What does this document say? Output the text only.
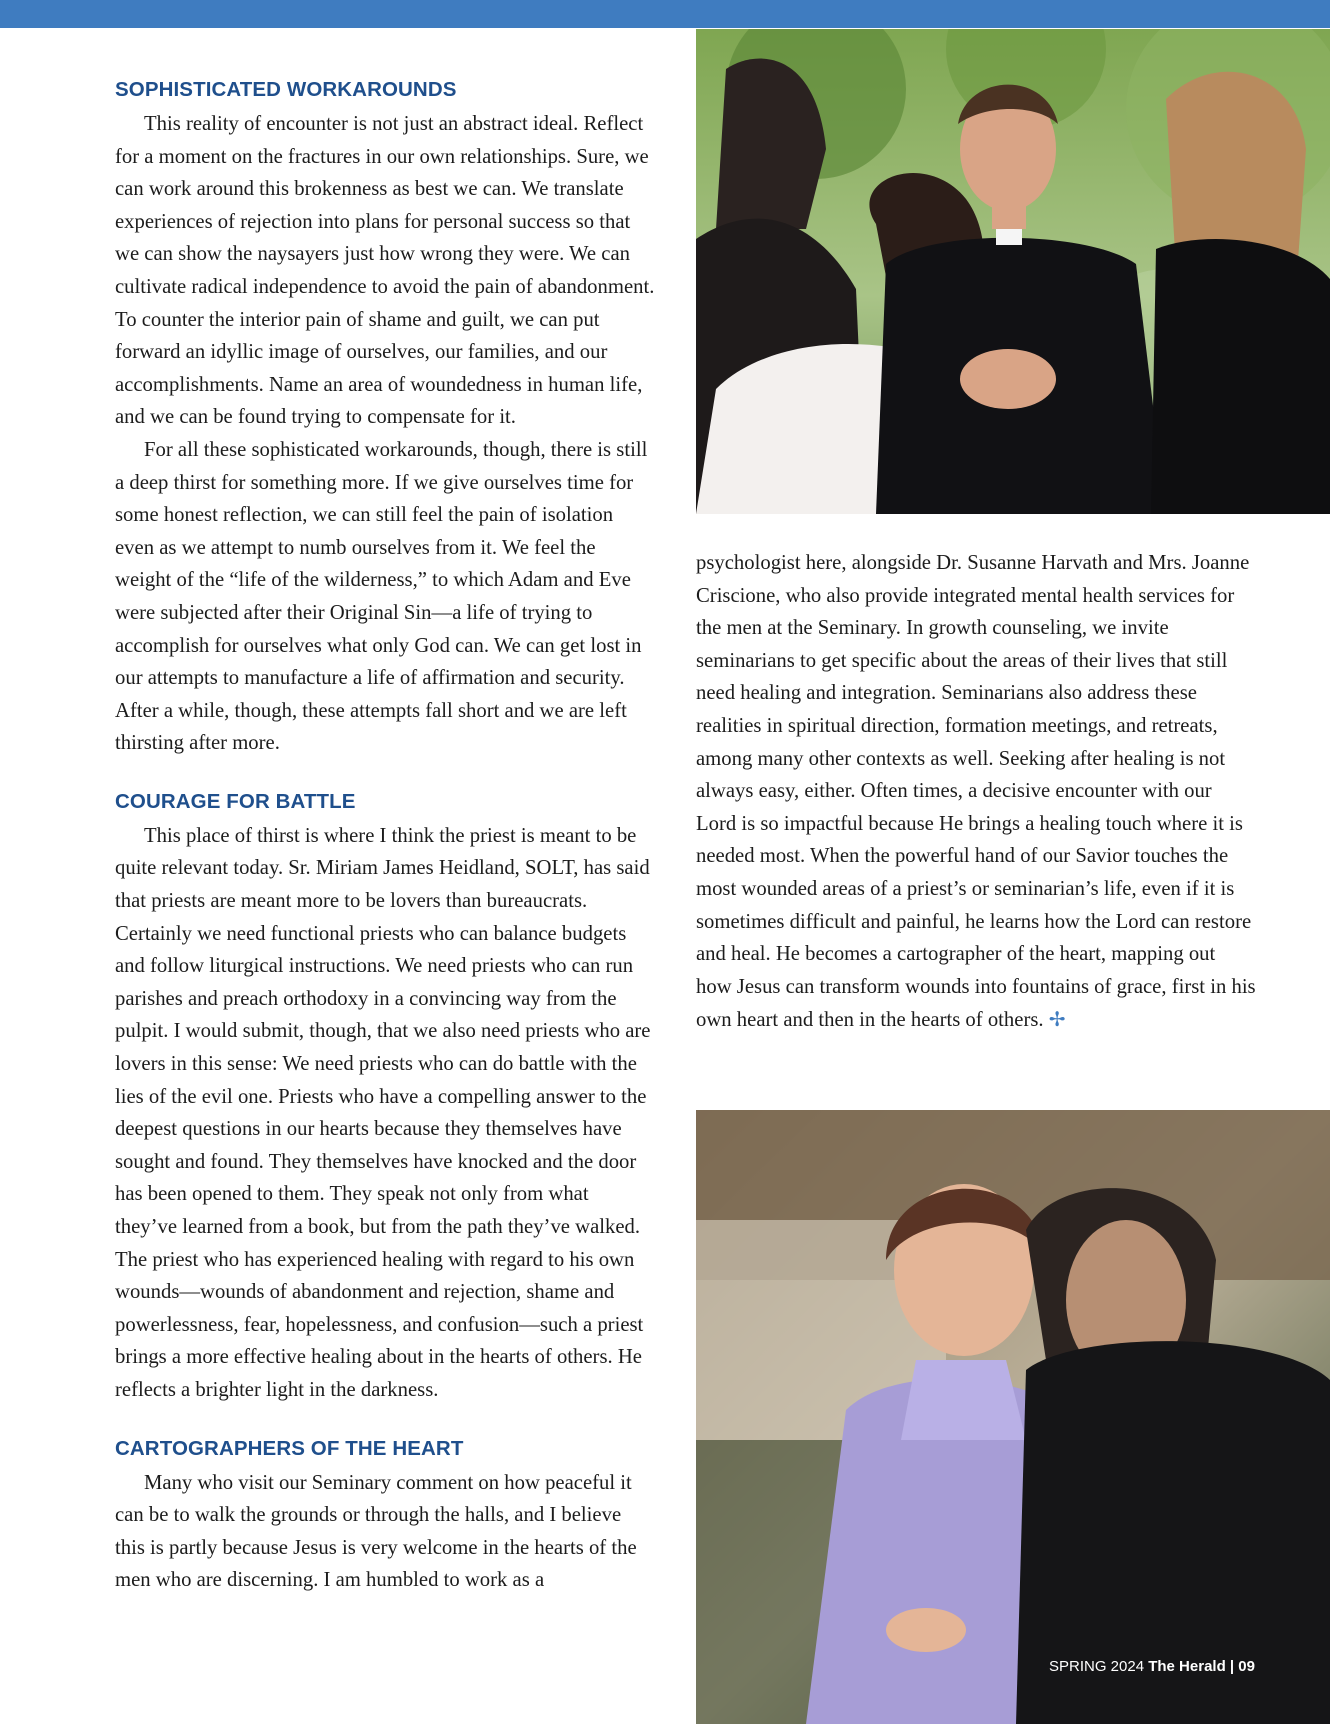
SOPHISTICATED WORKAROUNDS

This reality of encounter is not just an abstract ideal. Reflect for a moment on the fractures in our own relationships. Sure, we can work around this brokenness as best we can. We translate experiences of rejection into plans for personal success so that we can show the naysayers just how wrong they were. We can cultivate radical independence to avoid the pain of abandonment. To counter the interior pain of shame and guilt, we can put forward an idyllic image of ourselves, our families, and our accomplishments. Name an area of woundedness in human life, and we can be found trying to compensate for it.

For all these sophisticated workarounds, though, there is still a deep thirst for something more. If we give ourselves time for some honest reflection, we can still feel the pain of isolation even as we attempt to numb ourselves from it. We feel the weight of the “life of the wilderness,” to which Adam and Eve were subjected after their Original Sin—a life of trying to accomplish for ourselves what only God can. We can get lost in our attempts to manufacture a life of affirmation and security. After a while, though, these attempts fall short and we are left thirsting after more.

COURAGE FOR BATTLE

This place of thirst is where I think the priest is meant to be quite relevant today. Sr. Miriam James Heidland, SOLT, has said that priests are meant more to be lovers than bureaucrats. Certainly we need functional priests who can balance budgets and follow liturgical instructions. We need priests who can run parishes and preach orthodoxy in a convincing way from the pulpit. I would submit, though, that we also need priests who are lovers in this sense: We need priests who can do battle with the lies of the evil one. Priests who have a compelling answer to the deepest questions in our hearts because they themselves have sought and found. They themselves have knocked and the door has been opened to them. They speak not only from what they’ve learned from a book, but from the path they’ve walked. The priest who has experienced healing with regard to his own wounds—wounds of abandonment and rejection, shame and powerlessness, fear, hopelessness, and confusion—such a priest brings a more effective healing about in the hearts of others. He reflects a brighter light in the darkness.

CARTOGRAPHERS OF THE HEART

Many who visit our Seminary comment on how peaceful it can be to walk the grounds or through the halls, and I believe this is partly because Jesus is very welcome in the hearts of the men who are discerning. I am humbled to work as a

psychologist here, alongside Dr. Susanne Harvath and Mrs. Joanne Criscione, who also provide integrated mental health services for the men at the Seminary. In growth counseling, we invite seminarians to get specific about the areas of their lives that still need healing and integration. Seminarians also address these realities in spiritual direction, formation meetings, and retreats, among many other contexts as well. Seeking after healing is not always easy, either. Often times, a decisive encounter with our Lord is so impactful because He brings a healing touch where it is needed most. When the powerful hand of our Savior touches the most wounded areas of a priest’s or seminarian’s life, even if it is sometimes difficult and painful, he learns how the Lord can restore and heal. He becomes a cartographer of the heart, mapping out how Jesus can transform wounds into fountains of grace, first in his own heart and then in the hearts of others. ✢

SPRING 2024 The Herald | 09
